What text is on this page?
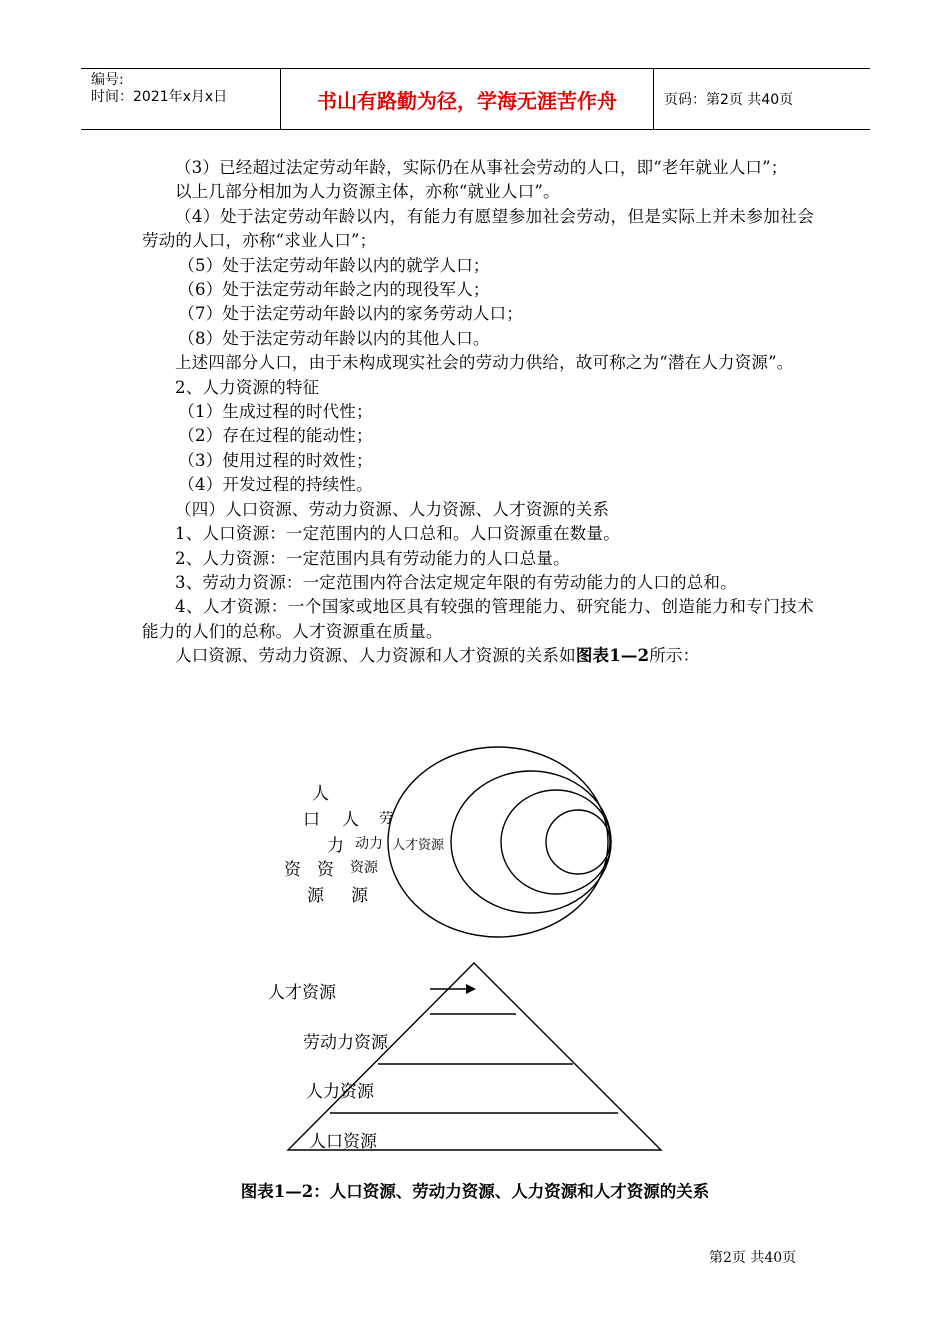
编号:
时间：2021年x月x日	书山有路勤为径，学海无涯苦作舟	页码：第2页 共40页

（3）已经超过法定劳动年龄，实际仍在从事社会劳动的人口，即“老年就业人口”；

以上几部分相加为人力资源主体，亦称“就业人口”。

（4）处于法定劳动年龄以内，有能力有愿望参加社会劳动，但是实际上并未参加社会劳动的人口，亦称“求业人口”；

（5）处于法定劳动年龄以内的就学人口；

（6）处于法定劳动年龄之内的现役军人；

（7）处于法定劳动年龄以内的家务劳动人口；

（8）处于法定劳动年龄以内的其他人口。

上述四部分人口，由于未构成现实社会的劳动力供给，故可称之为“潜在人力资源”。

2、人力资源的特征

（1）生成过程的时代性；

（2）存在过程的能动性；

（3）使用过程的时效性；

（4）开发过程的持续性。

（四）人口资源、劳动力资源、人力资源、人才资源的关系

1、人口资源：一定范围内的人口总和。人口资源重在数量。

2、人力资源：一定范围内具有劳动能力的人口总量。

3、劳动力资源：一定范围内符合法定规定年限的有劳动能力的人口的总和。

4、人才资源：一个国家或地区具有较强的管理能力、研究能力、创造能力和专门技术能力的人们的总称。人才资源重在质量。

人口资源、劳动力资源、人力资源和人才资源的关系如图表1—2所示：

人
口
资
源
人
力
资
源
劳
动力
资源
人才资源
人才资源
劳动力资源
人力资源
人口资源
图表1—2：人口资源、劳动力资源、人力资源和人才资源的关系
第2页 共40页
